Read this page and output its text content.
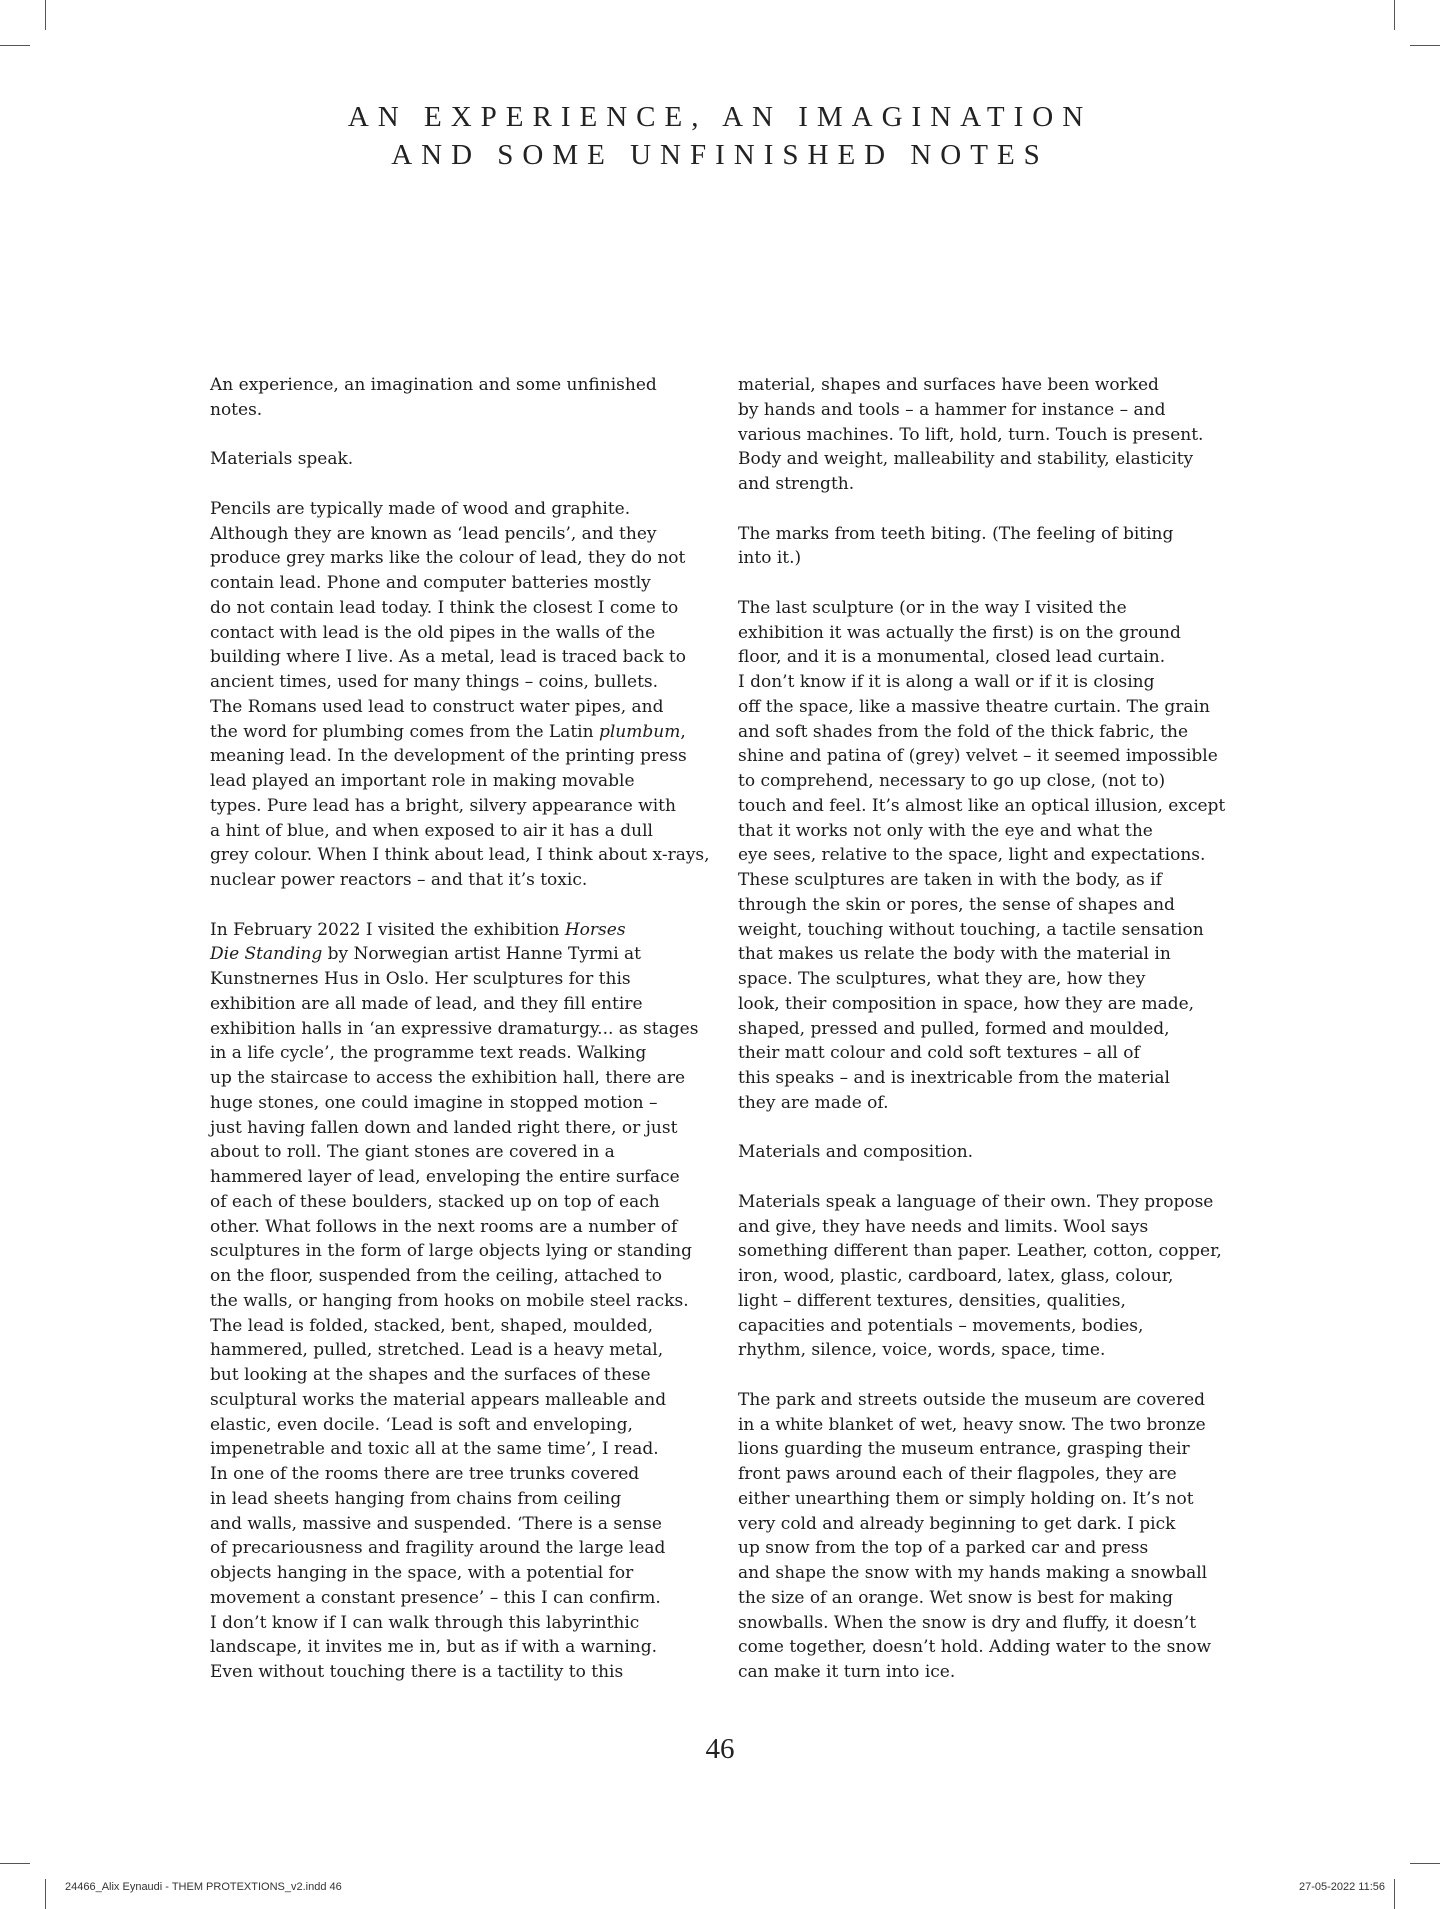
AN EXPERIENCE, AN IMAGINATION
AND SOME UNFINISHED NOTES

An experience, an imagination and some unfinished
notes.

Materials speak.

Pencils are typically made of wood and graphite.
Although they are known as ‘lead pencils’, and they
produce grey marks like the colour of lead, they do not
contain lead. Phone and computer batteries mostly
do not contain lead today. I think the closest I come to
contact with lead is the old pipes in the walls of the
building where I live. As a metal, lead is traced back to
ancient times, used for many things – coins, bullets.
The Romans used lead to construct water pipes, and
the word for plumbing comes from the Latin plumbum,
meaning lead. In the development of the printing press
lead played an important role in making movable
types. Pure lead has a bright, silvery appearance with
a hint of blue, and when exposed to air it has a dull
grey colour. When I think about lead, I think about x-rays,
nuclear power reactors – and that it’s toxic.

In February 2022 I visited the exhibition Horses
Die Standing by Norwegian artist Hanne Tyrmi at
Kunstnernes Hus in Oslo. Her sculptures for this
exhibition are all made of lead, and they fill entire
exhibition halls in ‘an expressive dramaturgy... as stages
in a life cycle’, the programme text reads. Walking
up the staircase to access the exhibition hall, there are
huge stones, one could imagine in stopped motion –
just having fallen down and landed right there, or just
about to roll. The giant stones are covered in a
hammered layer of lead, enveloping the entire surface
of each of these boulders, stacked up on top of each
other. What follows in the next rooms are a number of
sculptures in the form of large objects lying or standing
on the floor, suspended from the ceiling, attached to
the walls, or hanging from hooks on mobile steel racks.
The lead is folded, stacked, bent, shaped, moulded,
hammered, pulled, stretched. Lead is a heavy metal,
but looking at the shapes and the surfaces of these
sculptural works the material appears malleable and
elastic, even docile. ‘Lead is soft and enveloping,
impenetrable and toxic all at the same time’, I read.
In one of the rooms there are tree trunks covered
in lead sheets hanging from chains from ceiling
and walls, massive and suspended. ‘There is a sense
of precariousness and fragility around the large lead
objects hanging in the space, with a potential for
movement a constant presence’ – this I can confirm.
I don’t know if I can walk through this labyrinthic
landscape, it invites me in, but as if with a warning.
Even without touching there is a tactility to this

material, shapes and surfaces have been worked
by hands and tools – a hammer for instance – and
various machines. To lift, hold, turn. Touch is present.
Body and weight, malleability and stability, elasticity
and strength.

The marks from teeth biting. (The feeling of biting
into it.)

The last sculpture (or in the way I visited the
exhibition it was actually the first) is on the ground
floor, and it is a monumental, closed lead curtain.
I don’t know if it is along a wall or if it is closing
off the space, like a massive theatre curtain. The grain
and soft shades from the fold of the thick fabric, the
shine and patina of (grey) velvet – it seemed impossible
to comprehend, necessary to go up close, (not to)
touch and feel. It’s almost like an optical illusion, except
that it works not only with the eye and what the
eye sees, relative to the space, light and expectations.
These sculptures are taken in with the body, as if
through the skin or pores, the sense of shapes and
weight, touching without touching, a tactile sensation
that makes us relate the body with the material in
space. The sculptures, what they are, how they
look, their composition in space, how they are made,
shaped, pressed and pulled, formed and moulded,
their matt colour and cold soft textures – all of
this speaks – and is inextricable from the material
they are made of.

Materials and composition.

Materials speak a language of their own. They propose
and give, they have needs and limits. Wool says
something different than paper. Leather, cotton, copper,
iron, wood, plastic, cardboard, latex, glass, colour,
light – different textures, densities, qualities,
capacities and potentials – movements, bodies,
rhythm, silence, voice, words, space, time.

The park and streets outside the museum are covered
in a white blanket of wet, heavy snow. The two bronze
lions guarding the museum entrance, grasping their
front paws around each of their flagpoles, they are
either unearthing them or simply holding on. It’s not
very cold and already beginning to get dark. I pick
up snow from the top of a parked car and press
and shape the snow with my hands making a snowball
the size of an orange. Wet snow is best for making
snowballs. When the snow is dry and fluffy, it doesn’t
come together, doesn’t hold. Adding water to the snow
can make it turn into ice.

46
24466_Alix Eynaudi - THEM PROTEXTIONS_v2.indd 46	27-05-2022 11:56
